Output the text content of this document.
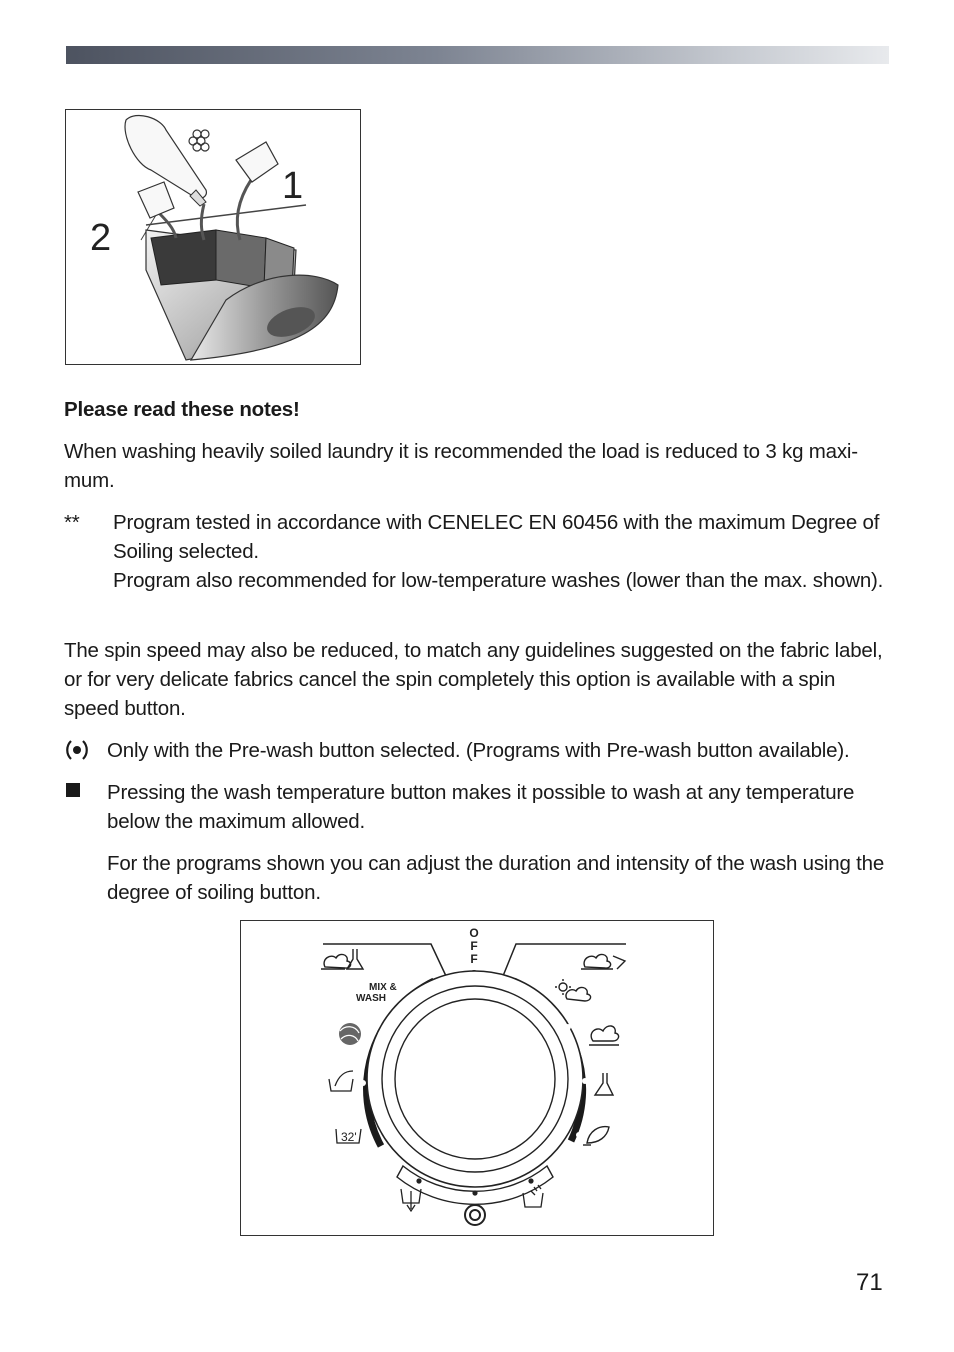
1
2
Please read these notes!
When washing heavily soiled laundry it is recommended the load is reduced to 3 kg maxi-mum.
** Program tested in accordance with CENELEC EN 60456 with the maximum Degree of Soiling selected.
Program also recommended for low-temperature washes (lower than the max. shown).
The spin speed may also be reduced, to match any guidelines suggested on the fabric label, or for very delicate fabrics cancel the spin completely this option is available with a spin speed button.
Only with the Pre-wash button selected. (Programs with Pre-wash button available).
Pressing the wash temperature button makes it possible to wash at any temperature below the maximum allowed.
For the programs shown you can adjust the duration and intensity of the wash using the degree of soiling button.
O
F
F
MIX &
WASH
32'
71
